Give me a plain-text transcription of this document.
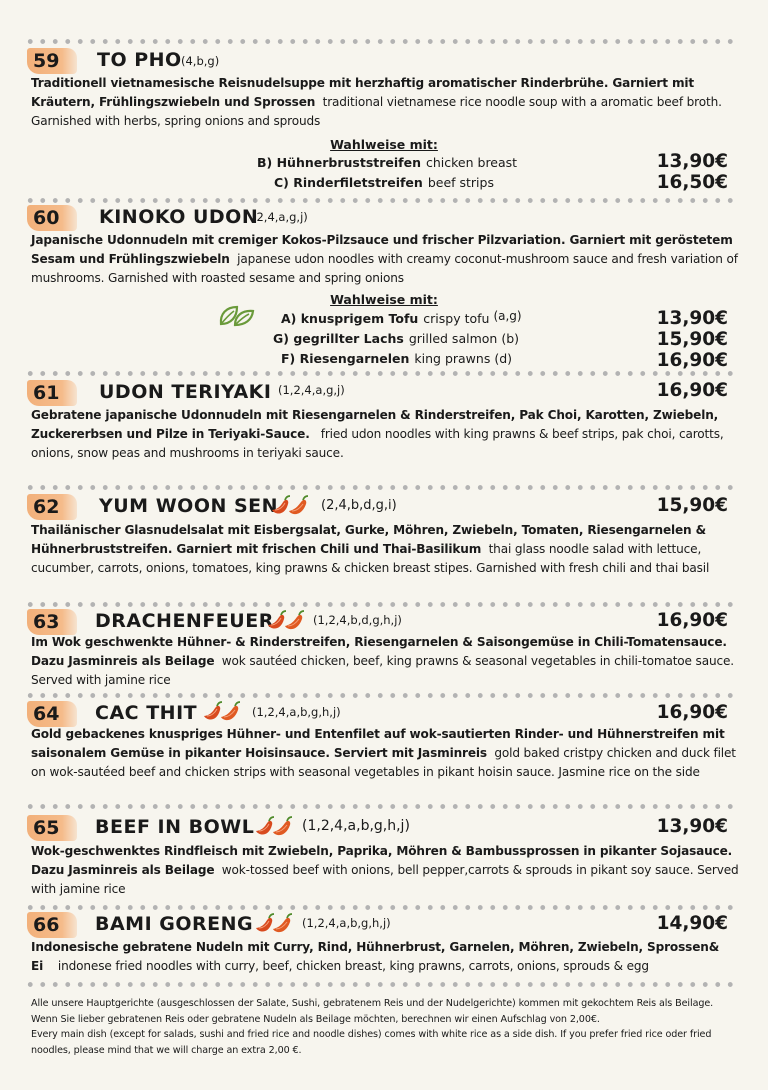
59	TO PHO (4,b,g)
Traditionell vietnamesische Reisnudelsuppe mit herzhaftig aromatischer Rinderbrühe. Garniert mit Kräutern, Frühlingszwiebeln und Sprossen traditional vietnamese rice noodle soup with a aromatic beef broth. Garnished with herbs, spring onions and sprouds
Wahlweise mit:
B) Hühnerbruststreifen chicken breast	13,90€
C) Rinderfiletstreifen beef strips	16,50€
60	KINOKO UDON
(2,4,a,g,j)
Japanische Udonnudeln mit cremiger Kokos-Pilzsauce und frischer Pilzvariation. Garniert mit geröstetem Sesam und Frühlingszwiebeln japanese udon noodles with creamy coconut-mushroom sauce and fresh variation of mushrooms. Garnished with roasted sesame and spring onions
Wahlweise mit:
A) knusprigem Tofu crispy tofu (a,g)	13,90€
G) gegrillter Lachs grilled salmon (b)	15,90€
F) Riesengarnelen king prawns (d)	16,90€
61	UDON TERIYAKI (1,2,4,a,g,j)	16,90€
Gebratene japanische Udonnudeln mit Riesengarnelen & Rinderstreifen, Pak Choi, Karotten, Zwiebeln, Zuckererbsen und Pilze in Teriyaki-Sauce. fried udon noodles with king prawns & beef strips, pak choi, carotts, onions, snow peas and mushrooms in teriyaki sauce.
62	YUM WOON SEN	(2,4,b,d,g,i)	15,90€
Thailänischer Glasnudelsalat mit Eisbergsalat, Gurke, Möhren, Zwiebeln, Tomaten, Riesengarnelen & Hühnerbruststreifen. Garniert mit frischen Chili und Thai-Basilikum thai glass noodle salad with lettuce, cucumber, carrots, onions, tomatoes, king prawns & chicken breast stipes. Garnished with fresh chili and thai basil
63	DRACHENFEUER	(1,2,4,b,d,g,h,j)	16,90€
Im Wok geschwenkte Hühner- & Rinderstreifen, Riesengarnelen & Saisongemüse in Chili-Tomatensauce. Dazu Jasminreis als Beilage wok sautéed chicken, beef, king prawns & seasonal vegetables in chili-tomatoe sauce. Served with jamine rice
64	CAC THIT	(1,2,4,a,b,g,h,j)	16,90€
Gold gebackenes knuspriges Hühner- und Entenfilet auf wok-sautierten Rinder- und Hühnerstreifen mit saisonalem Gemüse in pikanter Hoisinsauce. Serviert mit Jasminreis gold baked cristpy chicken and duck filet on wok-sautéed beef and chicken strips with seasonal vegetables in pikant hoisin sauce. Jasmine rice on the side
65	BEEF IN BOWL	(1,2,4,a,b,g,h,j)	13,90€
Wok-geschwenktes Rindfleisch mit Zwiebeln, Paprika, Möhren & Bambussprossen in pikanter Sojasauce. Dazu Jasminreis als Beilage wok-tossed beef with onions, bell pepper,carrots & sprouds in pikant soy sauce. Served with jamine rice
66	BAMI GORENG	(1,2,4,a,b,g,h,j)	14,90€
Indonesische gebratene Nudeln mit Curry, Rind, Hühnerbrust, Garnelen, Möhren, Zwiebeln, Sprossen& Ei indonese fried noodles with curry, beef, chicken breast, king prawns, carrots, onions, sprouds & egg
Alle unsere Hauptgerichte (ausgeschlossen der Salate, Sushi, gebratenem Reis und der Nudelgerichte) kommen mit gekochtem Reis als Beilage. Wenn Sie lieber gebratenen Reis oder gebratene Nudeln als Beilage möchten, berechnen wir einen Aufschlag von 2,00€.
Every main dish (except for salads, sushi and fried rice and noodle dishes) comes with white rice as a side dish. If you prefer fried rice oder fried noodles, please mind that we will charge an extra 2,00 €.
